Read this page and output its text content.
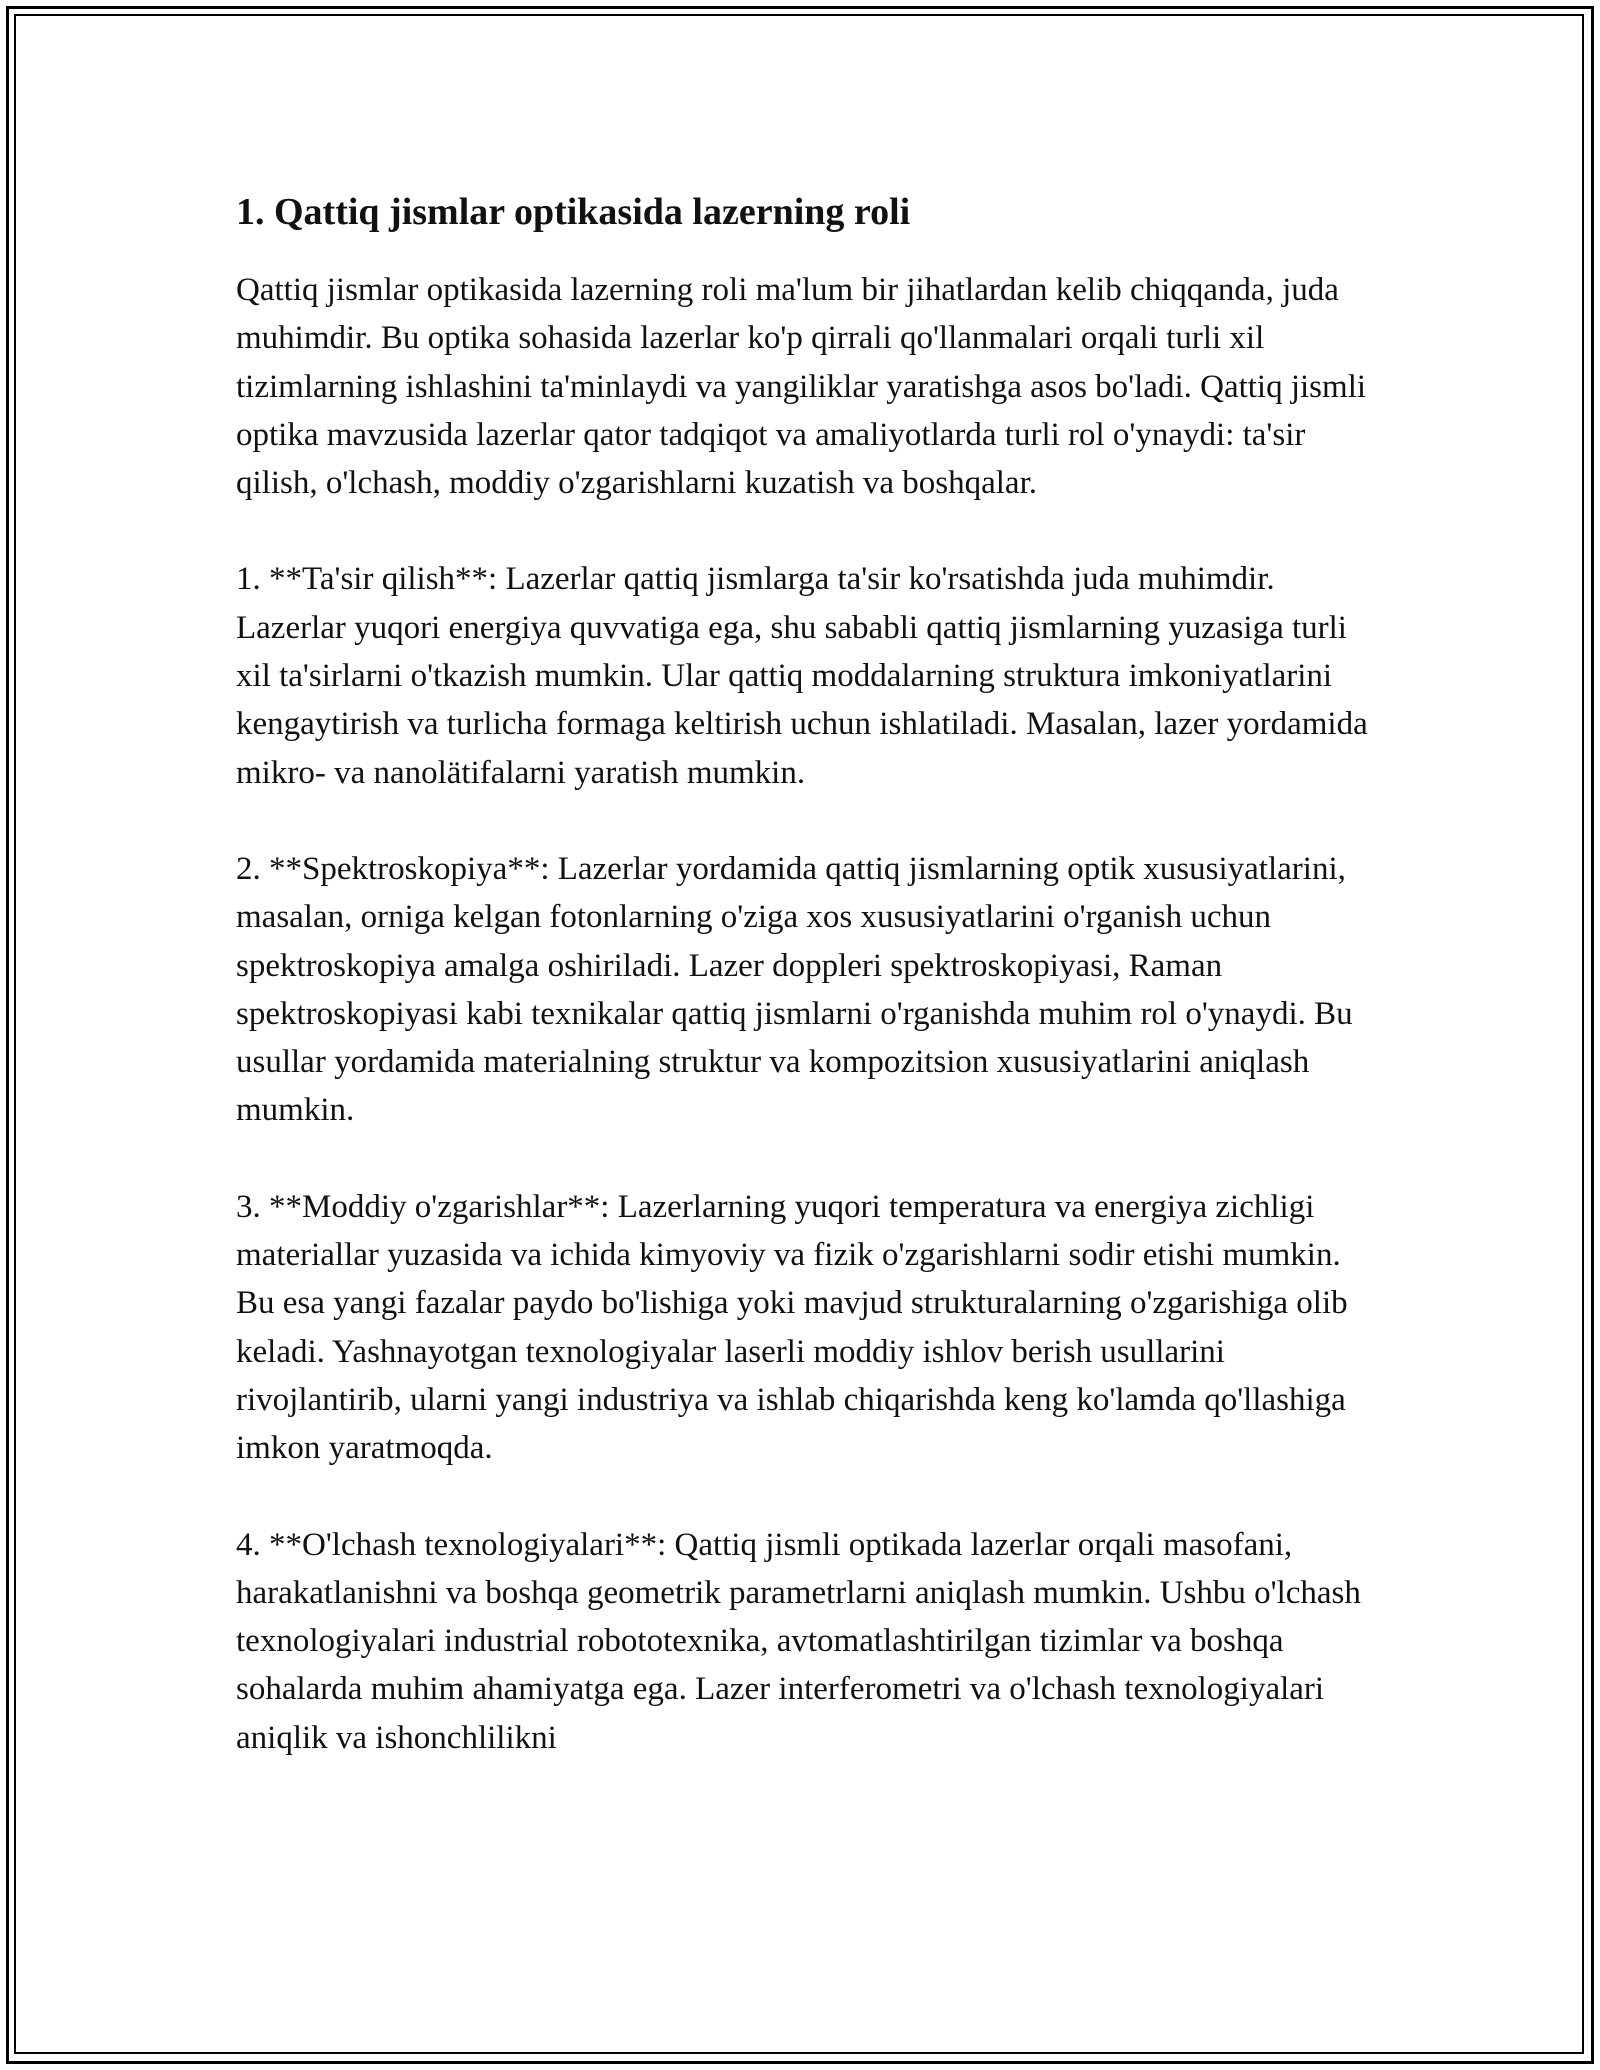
1. Qattiq jismlar optikasida lazerning roli

Qattiq jismlar optikasida lazerning roli ma'lum bir jihatlardan kelib chiqqanda, juda muhimdir. Bu optika sohasida lazerlar ko'p qirrali qo'llanmalari orqali turli xil tizimlarning ishlashini ta'minlaydi va yangiliklar yaratishga asos bo'ladi. Qattiq jismli optika mavzusida lazerlar qator tadqiqot va amaliyotlarda turli rol o'ynaydi: ta'sir qilish, o'lchash, moddiy o'zgarishlarni kuzatish va boshqalar.

1. **Ta'sir qilish**: Lazerlar qattiq jismlarga ta'sir ko'rsatishda juda muhimdir. Lazerlar yuqori energiya quvvatiga ega, shu sababli qattiq jismlarning yuzasiga turli xil ta'sirlarni o'tkazish mumkin. Ular qattiq moddalarning struktura imkoniyatlarini kengaytirish va turlicha formaga keltirish uchun ishlatiladi. Masalan, lazer yordamida mikro- va nanolätifalarni yaratish mumkin.

2. **Spektroskopiya**: Lazerlar yordamida qattiq jismlarning optik xususiyatlarini, masalan, orniga kelgan fotonlarning o'ziga xos xususiyatlarini o'rganish uchun spektroskopiya amalga oshiriladi. Lazer doppleri spektroskopiyasi, Raman spektroskopiyasi kabi texnikalar qattiq jismlarni o'rganishda muhim rol o'ynaydi. Bu usullar yordamida materialning struktur va kompozitsion xususiyatlarini aniqlash mumkin.

3. **Moddiy o'zgarishlar**: Lazerlarning yuqori temperatura va energiya zichligi materiallar yuzasida va ichida kimyoviy va fizik o'zgarishlarni sodir etishi mumkin. Bu esa yangi fazalar paydo bo'lishiga yoki mavjud strukturalarning o'zgarishiga olib keladi. Yashnayotgan texnologiyalar laserli moddiy ishlov berish usullarini rivojlantirib, ularni yangi industriya va ishlab chiqarishda keng ko'lamda qo'llashiga imkon yaratmoqda.

4. **O'lchash texnologiyalari**: Qattiq jismli optikada lazerlar orqali masofani, harakatlanishni va boshqa geometrik parametrlarni aniqlash mumkin. Ushbu o'lchash texnologiyalari industrial robototexnika, avtomatlashtirilgan tizimlar va boshqa sohalarda muhim ahamiyatga ega. Lazer interferometri va o'lchash texnologiyalari aniqlik va ishonchlilikni
